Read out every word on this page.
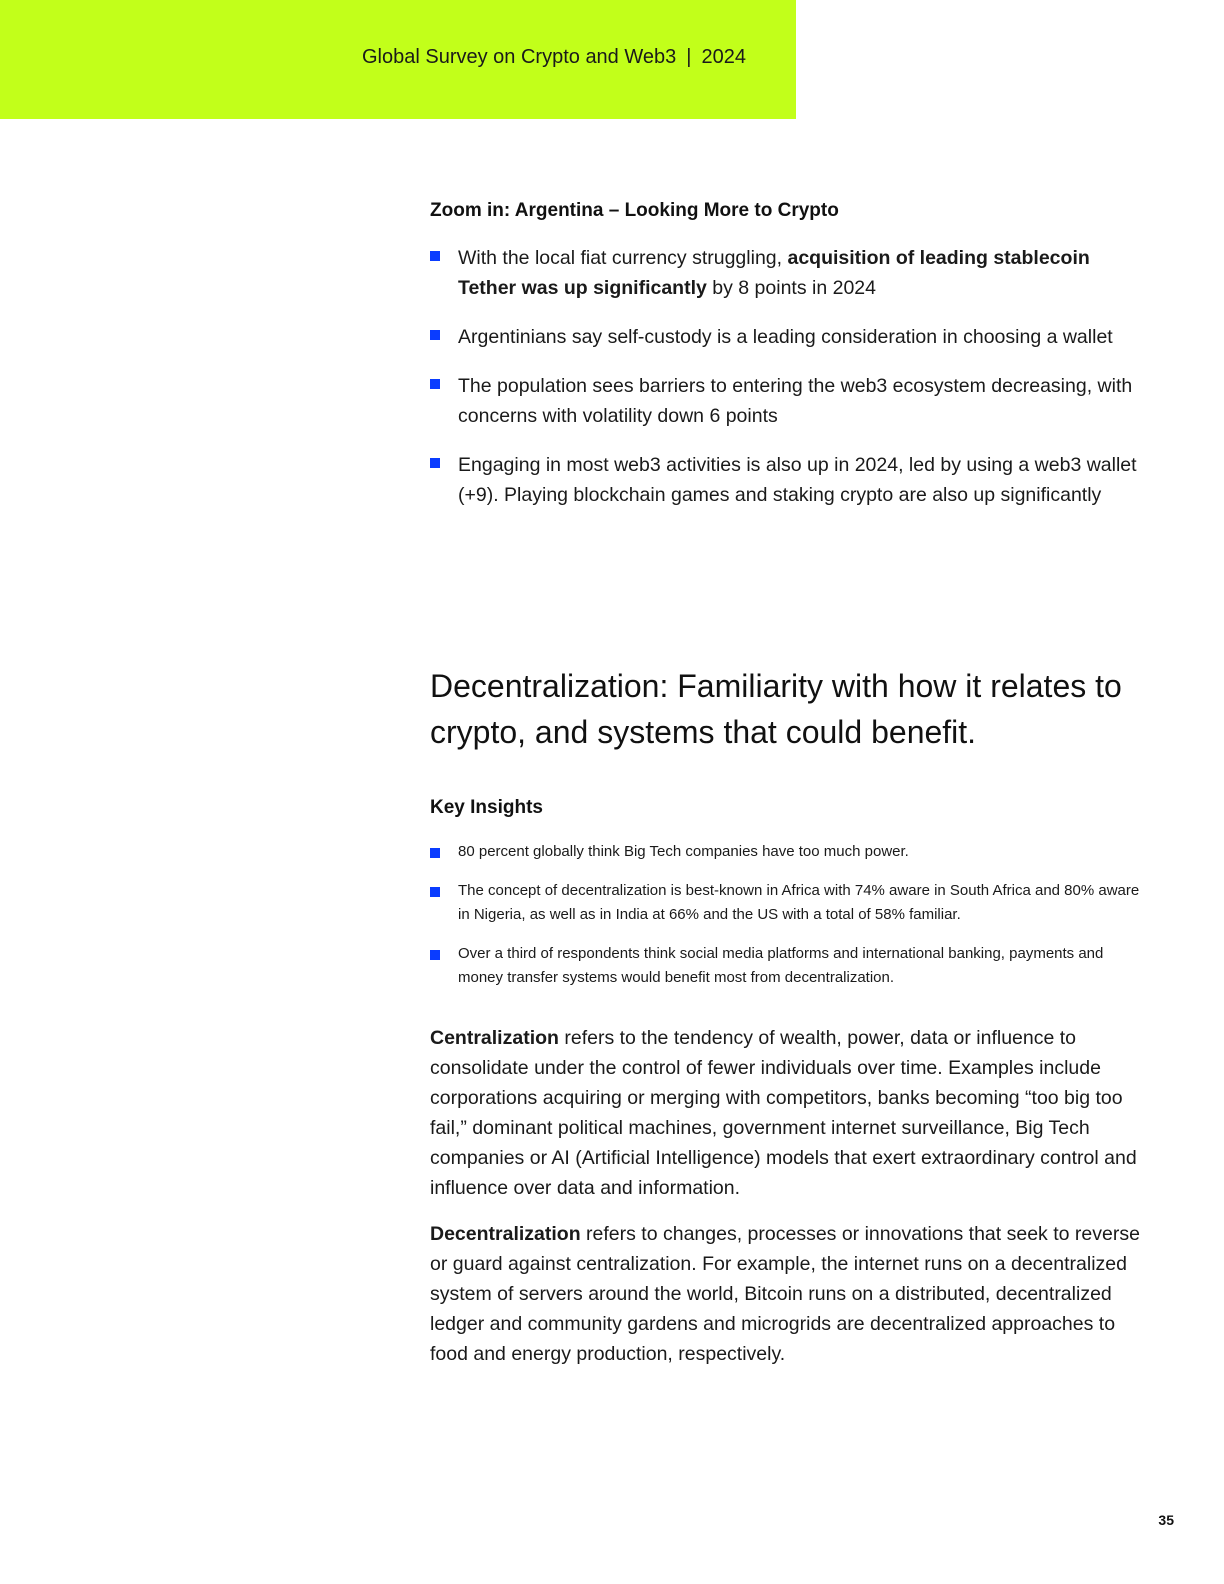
Global Survey on Crypto and Web3 | 2024
Zoom in: Argentina – Looking More to Crypto
With the local fiat currency struggling, acquisition of leading stablecoin Tether was up significantly by 8 points in 2024
Argentinians say self-custody is a leading consideration in choosing a wallet
The population sees barriers to entering the web3 ecosystem decreasing, with concerns with volatility down 6 points
Engaging in most web3 activities is also up in 2024, led by using a web3 wallet (+9). Playing blockchain games and staking crypto are also up significantly
Decentralization: Familiarity with how it relates to crypto, and systems that could benefit.
Key Insights
80 percent globally think Big Tech companies have too much power.
The concept of decentralization is best-known in Africa with 74% aware in South Africa and 80% aware in Nigeria, as well as in India at 66% and the US with a total of 58% familiar.
Over a third of respondents think social media platforms and international banking, payments and money transfer systems would benefit most from decentralization.

Centralization refers to the tendency of wealth, power, data or influence to consolidate under the control of fewer individuals over time. Examples include corporations acquiring or merging with competitors, banks becoming “too big too fail,” dominant political machines, government internet surveillance, Big Tech companies or AI (Artificial Intelligence) models that exert extraordinary control and influence over data and information.

Decentralization refers to changes, processes or innovations that seek to reverse or guard against centralization. For example, the internet runs on a decentralized system of servers around the world, Bitcoin runs on a distributed, decentralized ledger and community gardens and microgrids are decentralized approaches to food and energy production, respectively.

35
